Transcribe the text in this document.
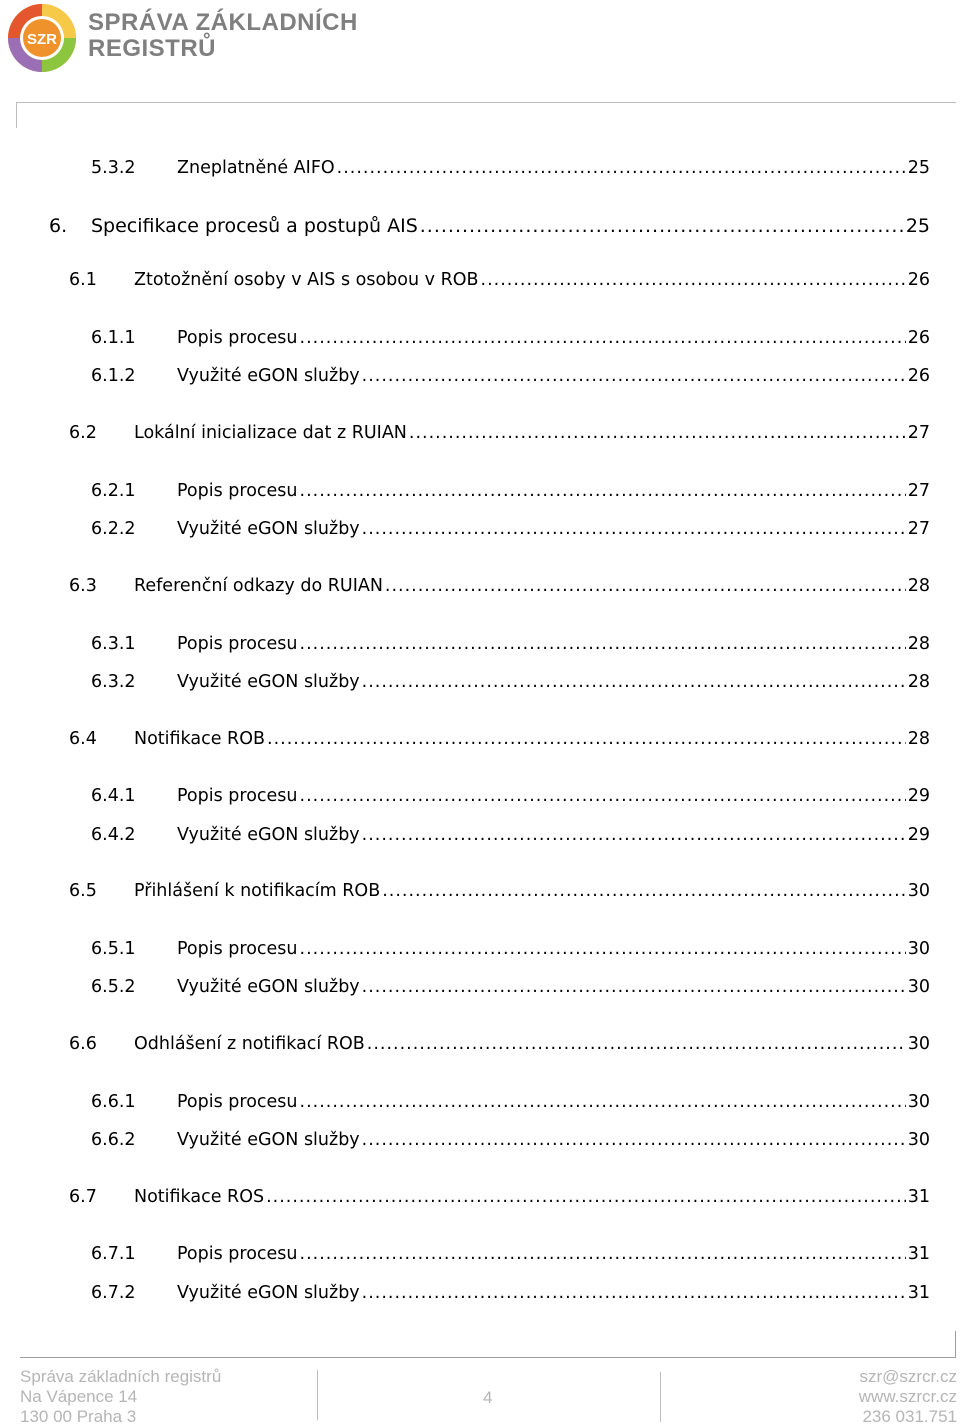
SZR
SPRÁVA ZÁKLADNÍCH
REGISTRŮ
5.3.2	Zneplatněné AIFO .....	25
6.	Specifikace procesů a postupů AIS .....	25
6.1	Ztotožnění osoby v AIS s osobou v ROB .....	26
6.1.1	Popis procesu .....	26
6.1.2	Využité eGON služby .....	26
6.2	Lokální inicializace dat z RUIAN .....	27
6.2.1	Popis procesu .....	27
6.2.2	Využité eGON služby .....	27
6.3	Referenční odkazy do RUIAN .....	28
6.3.1	Popis procesu .....	28
6.3.2	Využité eGON služby .....	28
6.4	Notifikace ROB .....	28
6.4.1	Popis procesu .....	29
6.4.2	Využité eGON služby .....	29
6.5	Přihlášení k notifikacím ROB .....	30
6.5.1	Popis procesu .....	30
6.5.2	Využité eGON služby .....	30
6.6	Odhlášení z notifikací ROB .....	30
6.6.1	Popis procesu .....	30
6.6.2	Využité eGON služby .....	30
6.7	Notifikace ROS .....	31
6.7.1	Popis procesu .....	31
6.7.2	Využité eGON služby .....	31
Správa základních registrů
Na Vápence 14
130 00 Praha 3
4
szr@szrcr.cz
www.szrcr.cz
236 031.751
